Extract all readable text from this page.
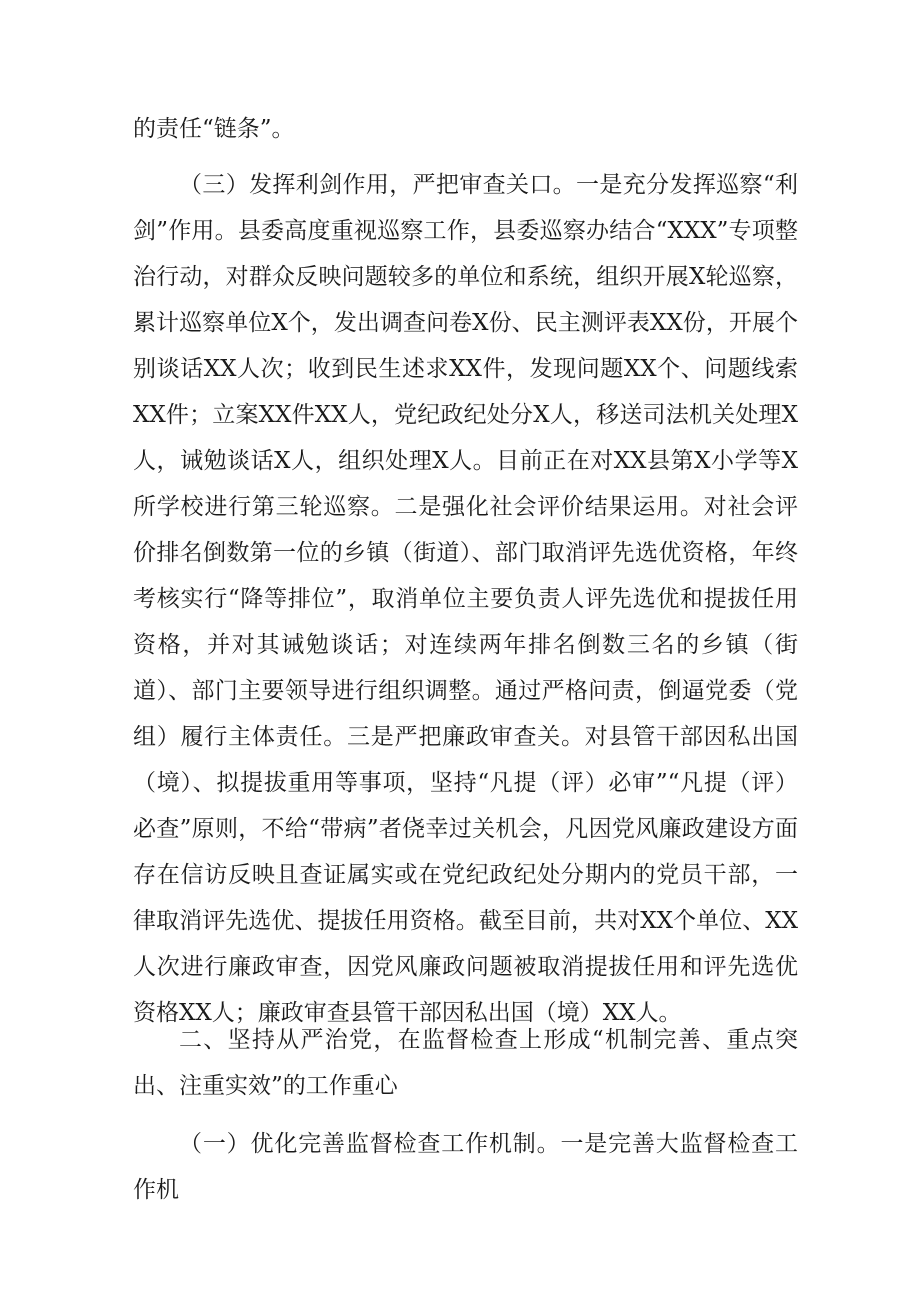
的责任“链条”。

（三）发挥利剑作用，严把审查关口。一是充分发挥巡察“利剑”作用。县委高度重视巡察工作，县委巡察办结合“XXX”专项整治行动，对群众反映问题较多的单位和系统，组织开展X轮巡察，累计巡察单位X个，发出调查问卷X份、民主测评表XX份，开展个别谈话XX人次；收到民生述求XX件，发现问题XX个、问题线索XX件；立案XX件XX人，党纪政纪处分X人，移送司法机关处理X人，诫勉谈话X人，组织处理X人。目前正在对XX县第X小学等X所学校进行第三轮巡察。二是强化社会评价结果运用。对社会评价排名倒数第一位的乡镇（街道）、部门取消评先选优资格，年终考核实行“降等排位”，取消单位主要负责人评先选优和提拔任用资格，并对其诫勉谈话；对连续两年排名倒数三名的乡镇（街道）、部门主要领导进行组织调整。通过严格问责，倒逼党委（党组）履行主体责任。三是严把廉政审查关。对县管干部因私出国（境）、拟提拔重用等事项，坚持“凡提（评）必审”“凡提（评）必查”原则，不给“带病”者侥幸过关机会，凡因党风廉政建设方面存在信访反映且查证属实或在党纪政纪处分期内的党员干部，一律取消评先选优、提拔任用资格。截至目前，共对XX个单位、XX人次进行廉政审查，因党风廉政问题被取消提拔任用和评先选优资格XX人；廉政审查县管干部因私出国（境）XX人。

二、坚持从严治党，在监督检查上形成“机制完善、重点突出、注重实效”的工作重心

（一）优化完善监督检查工作机制。一是完善大监督检查工作机
